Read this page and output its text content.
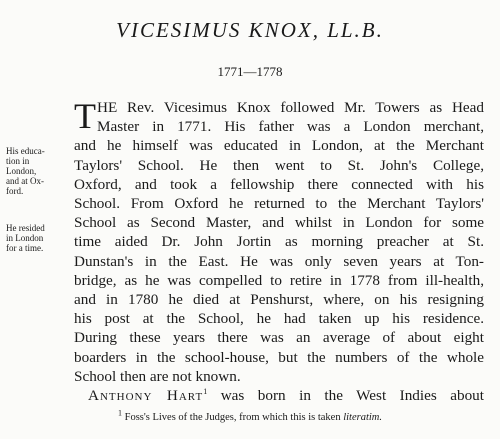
VICESIMUS KNOX, LL.B.
1771—1778
His educa-
tion in
London,
and at Ox-
ford.
He resided
in London
for a time.
T HE Rev. Vicesimus Knox followed Mr. Towers as Head
Master in 1771. His father was a London merchant,
and he himself was educated in London, at the Merchant
Taylors' School. He then went to St. John's College,
Oxford, and took a fellowship there connected with his
School. From Oxford he returned to the Merchant Taylors'
School as Second Master, and whilst in London for some
time aided Dr. John Jortin as morning preacher at St.
Dunstan's in the East. He was only seven years at Ton-
bridge, as he was compelled to retire in 1778 from ill-health,
and in 1780 he died at Penshurst, where, on his resigning
his post at the School, he had taken up his residence.
During these years there was an average of about eight
boarders in the school-house, but the numbers of the whole
School then are not known.
Anthony Hart$^1$ was born in the West Indies about
$^1$ Foss's Lives of the Judges, from which this is taken literatim.
